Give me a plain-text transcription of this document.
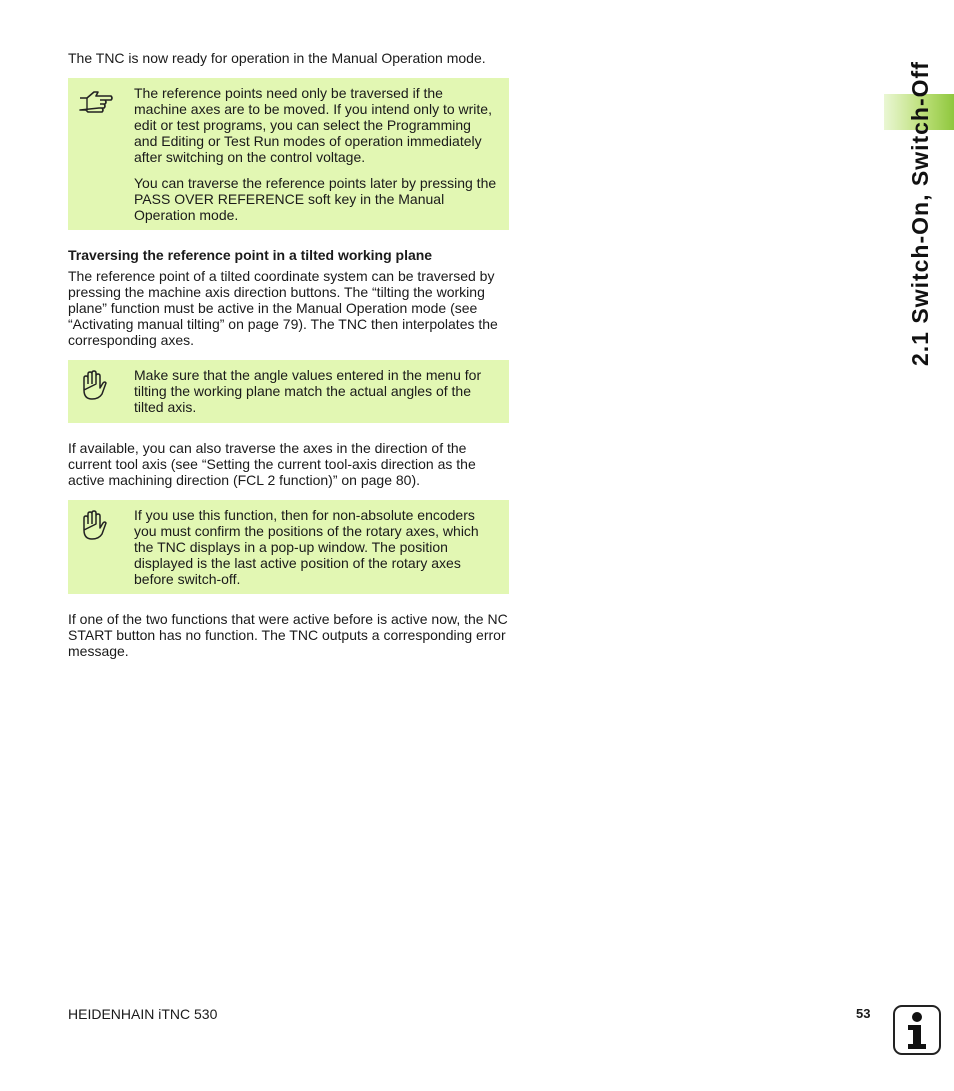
The TNC is now ready for operation in the Manual Operation mode.

The reference points need only be traversed if the machine axes are to be moved. If you intend only to write, edit or test programs, you can select the Programming and Editing or Test Run modes of operation immediately after switching on the control voltage.

You can traverse the reference points later by pressing the PASS OVER REFERENCE soft key in the Manual Operation mode.

Traversing the reference point in a tilted working plane

The reference point of a tilted coordinate system can be traversed by pressing the machine axis direction buttons. The “tilting the working plane” function must be active in the Manual Operation mode (see “Activating manual tilting” on page 79). The TNC then interpolates the corresponding axes.

Make sure that the angle values entered in the menu for tilting the working plane match the actual angles of the tilted axis.

If available, you can also traverse the axes in the direction of the current tool axis (see “Setting the current tool-axis direction as the active machining direction (FCL 2 function)” on page 80).

If you use this function, then for non-absolute encoders you must confirm the positions of the rotary axes, which the TNC displays in a pop-up window. The position displayed is the last active position of the rotary axes before switch-off.

If one of the two functions that were active before is active now, the NC START button has no function. The TNC outputs a corresponding error message.

2.1 Switch-On, Switch-Off
HEIDENHAIN iTNC 530	53
